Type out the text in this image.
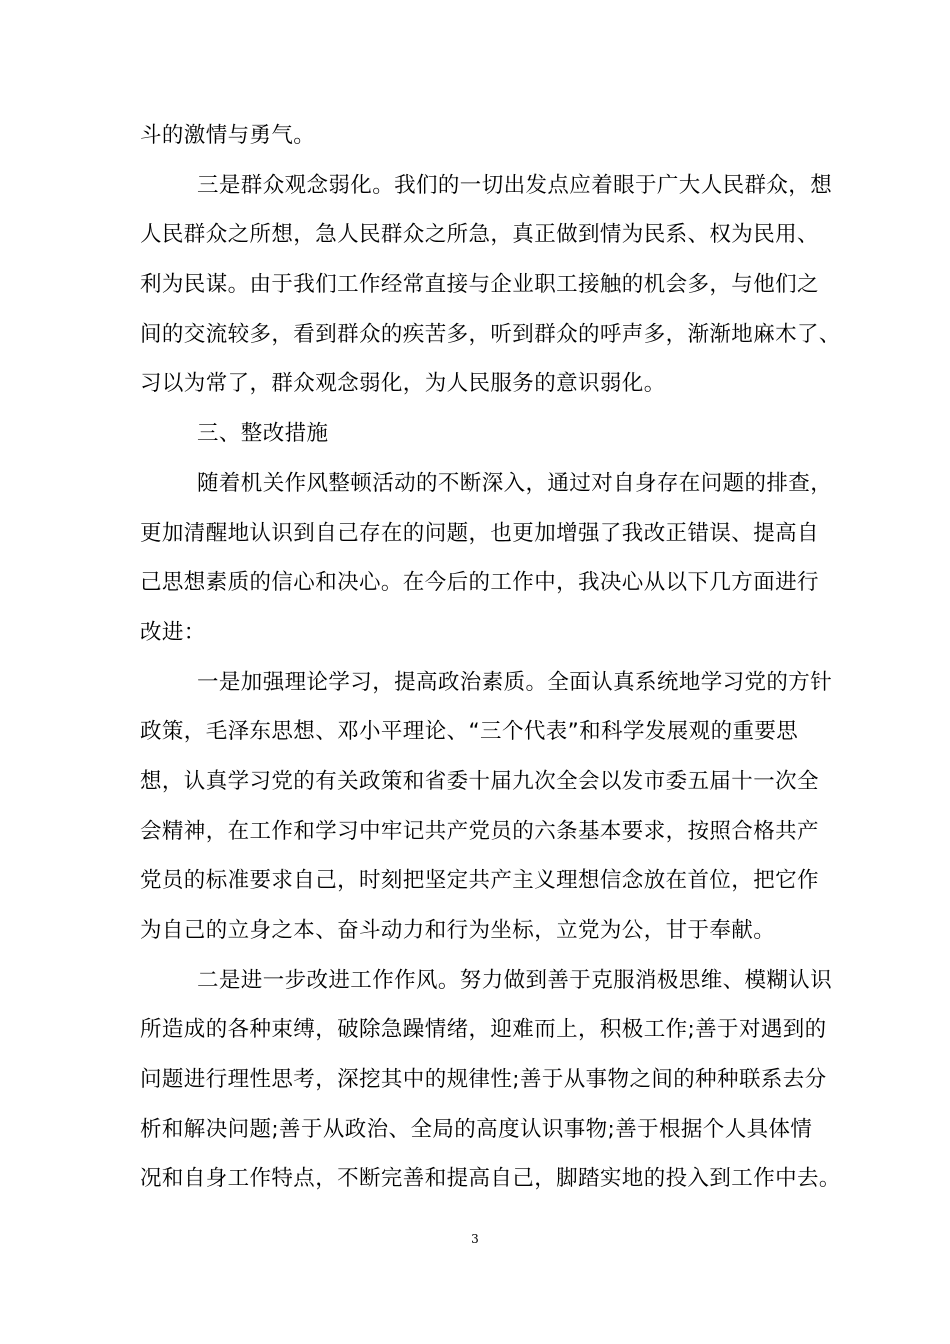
斗的激情与勇气。
三是群众观念弱化。我们的一切出发点应着眼于广大人民群众，想
人民群众之所想，急人民群众之所急，真正做到情为民系、权为民用、
利为民谋。由于我们工作经常直接与企业职工接触的机会多，与他们之
间的交流较多，看到群众的疾苦多，听到群众的呼声多，渐渐地麻木了、
习以为常了，群众观念弱化，为人民服务的意识弱化。
三、整改措施
随着机关作风整顿活动的不断深入，通过对自身存在问题的排查，
更加清醒地认识到自己存在的问题，也更加增强了我改正错误、提高自
己思想素质的信心和决心。在今后的工作中，我决心从以下几方面进行
改进：
一是加强理论学习，提高政治素质。全面认真系统地学习党的方针
政策，毛泽东思想、邓小平理论、“三个代表”和科学发展观的重要思
想，认真学习党的有关政策和省委十届九次全会以发市委五届十一次全
会精神，在工作和学习中牢记共产党员的六条基本要求，按照合格共产
党员的标准要求自己，时刻把坚定共产主义理想信念放在首位，把它作
为自己的立身之本、奋斗动力和行为坐标，立党为公，甘于奉献。
二是进一步改进工作作风。努力做到善于克服消极思维、模糊认识
所造成的各种束缚，破除急躁情绪，迎难而上，积极工作;善于对遇到的
问题进行理性思考，深挖其中的规律性;善于从事物之间的种种联系去分
析和解决问题;善于从政治、全局的高度认识事物;善于根据个人具体情
况和自身工作特点，不断完善和提高自己，脚踏实地的投入到工作中去。
3
